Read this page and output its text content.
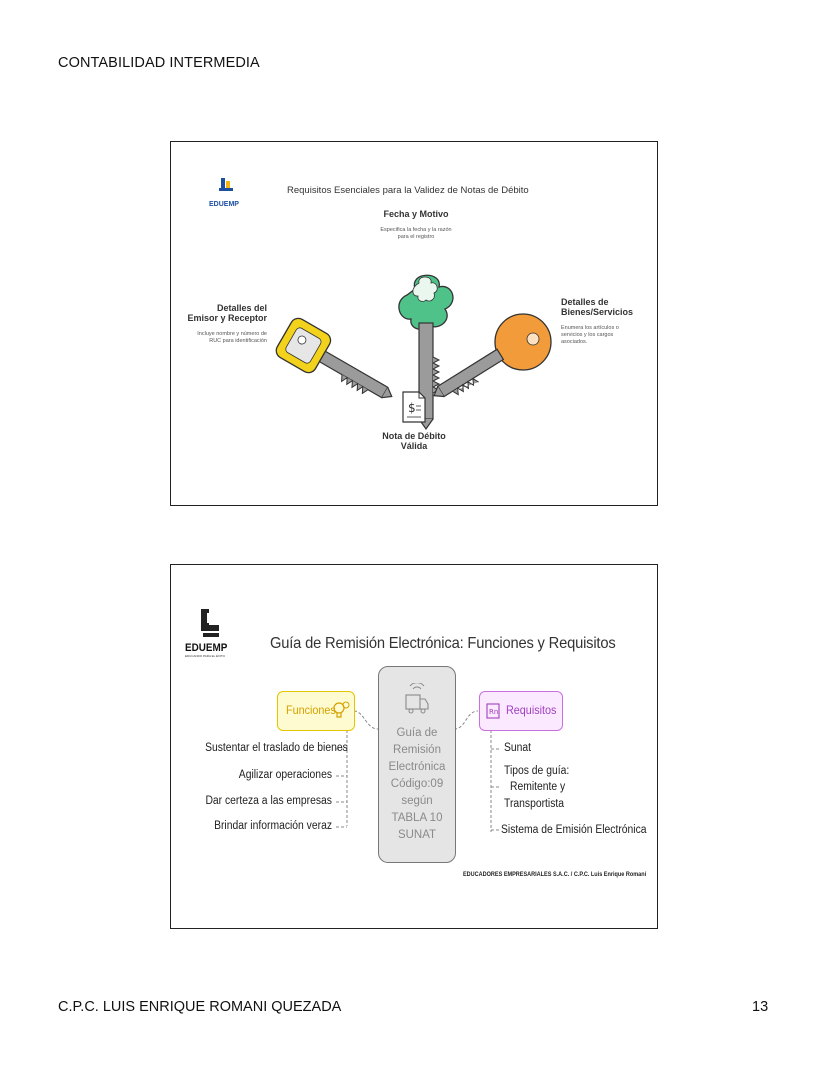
CONTABILIDAD INTERMEDIA
EDUEMP
Requisitos Esenciales para la Validez de Notas de Débito
Fecha y Motivo
Especifica la fecha y la razón
para el registro
Detalles del
Emisor y Receptor
Incluye nombre y número de
RUC para identificación
Detalles de
Bienes/Servicios
Enumera los artículos o
servicios y los cargos
asociados.
$
Nota de Débito
Válida
EDUEMP
EDUCANDO PARA EL ÉXITO
Guía de Remisión Electrónica: Funciones y Requisitos
Funciones
Guía de
Remisión
Electrónica
Código:09
según
TABLA 10
SUNAT
Rn Requisitos
Sustentar el traslado de bienes
Agilizar operaciones
Dar certeza a las empresas
Brindar información veraz
Sunat
Tipos de guía:
Remitente y
Transportista
Sistema de Emisión Electrónica
EDUCADORES EMPRESARIALES S.A.C. / C.P.C. Luis Enrique Romaní
C.P.C. LUIS ENRIQUE ROMANI QUEZADA	13
